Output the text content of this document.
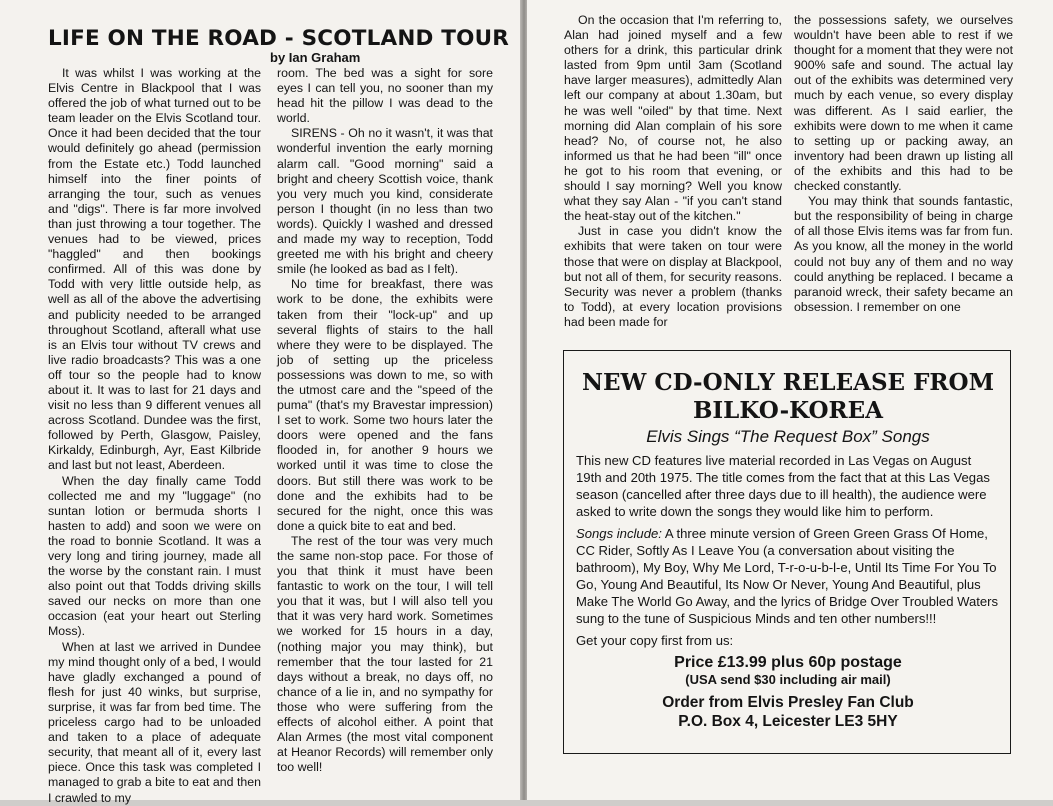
LIFE ON THE ROAD - SCOTLAND TOUR
by Ian Graham

It was whilst I was working at the Elvis Centre in Blackpool that I was offered the job of what turned out to be team leader on the Elvis Scotland tour. Once it had been decided that the tour would definitely go ahead (permission from the Estate etc.) Todd launched himself into the finer points of arranging the tour, such as venues and "digs". There is far more involved than just throwing a tour together. The venues had to be viewed, prices "haggled" and then bookings confirmed. All of this was done by Todd with very little outside help, as well as all of the above the advertising and publicity needed to be arranged throughout Scotland, afterall what use is an Elvis tour without TV crews and live radio broadcasts? This was a one off tour so the people had to know about it. It was to last for 21 days and visit no less than 9 different venues all across Scotland. Dundee was the first, followed by Perth, Glasgow, Paisley, Kirkaldy, Edinburgh, Ayr, East Kilbride and last but not least, Aberdeen.

When the day finally came Todd collected me and my "luggage" (no suntan lotion or bermuda shorts I hasten to add) and soon we were on the road to bonnie Scotland. It was a very long and tiring journey, made all the worse by the constant rain. I must also point out that Todds driving skills saved our necks on more than one occasion (eat your heart out Sterling Moss).

When at last we arrived in Dundee my mind thought only of a bed, I would have gladly exchanged a pound of flesh for just 40 winks, but surprise, surprise, it was far from bed time. The priceless cargo had to be unloaded and taken to a place of adequate security, that meant all of it, every last piece. Once this task was completed I managed to grab a bite to eat and then I crawled to my

room. The bed was a sight for sore eyes I can tell you, no sooner than my head hit the pillow I was dead to the world.

SIRENS - Oh no it wasn't, it was that wonderful invention the early morning alarm call. "Good morning" said a bright and cheery Scottish voice, thank you very much you kind, considerate person I thought (in no less than two words). Quickly I washed and dressed and made my way to reception, Todd greeted me with his bright and cheery smile (he looked as bad as I felt).

No time for breakfast, there was work to be done, the exhibits were taken from their "lock-up" and up several flights of stairs to the hall where they were to be displayed. The job of setting up the priceless possessions was down to me, so with the utmost care and the "speed of the puma" (that's my Bravestar impression) I set to work. Some two hours later the doors were opened and the fans flooded in, for another 9 hours we worked until it was time to close the doors. But still there was work to be done and the exhibits had to be secured for the night, once this was done a quick bite to eat and bed.

The rest of the tour was very much the same non-stop pace. For those of you that think it must have been fantastic to work on the tour, I will tell you that it was, but I will also tell you that it was very hard work. Sometimes we worked for 15 hours in a day, (nothing major you may think), but remember that the tour lasted for 21 days without a break, no days off, no chance of a lie in, and no sympathy for those who were suffering from the effects of alcohol either. A point that Alan Armes (the most vital component at Heanor Records) will remember only too well!

On the occasion that I'm referring to, Alan had joined myself and a few others for a drink, this particular drink lasted from 9pm until 3am (Scotland have larger measures), admittedly Alan left our company at about 1.30am, but he was well "oiled" by that time. Next morning did Alan complain of his sore head? No, of course not, he also informed us that he had been "ill" once he got to his room that evening, or should I say morning? Well you know what they say Alan - "if you can't stand the heat-stay out of the kitchen."

Just in case you didn't know the exhibits that were taken on tour were those that were on display at Blackpool, but not all of them, for security reasons. Security was never a problem (thanks to Todd), at every location provisions had been made for

the possessions safety, we ourselves wouldn't have been able to rest if we thought for a moment that they were not 900% safe and sound. The actual lay out of the exhibits was determined very much by each venue, so every display was different. As I said earlier, the exhibits were down to me when it came to setting up or packing away, an inventory had been drawn up listing all of the exhibits and this had to be checked constantly.

You may think that sounds fantastic, but the responsibility of being in charge of all those Elvis items was far from fun. As you know, all the money in the world could not buy any of them and no way could anything be replaced. I became a paranoid wreck, their safety became an obsession. I remember on one

NEW CD-ONLY RELEASE FROM
BILKO-KOREA
Elvis Sings “The Request Box” Songs

This new CD features live material recorded in Las Vegas on August 19th and 20th 1975. The title comes from the fact that at this Las Vegas season (cancelled after three days due to ill health), the audience were asked to write down the songs they would like him to perform.

Songs include: A three minute version of Green Green Grass Of Home, CC Rider, Softly As I Leave You (a conversation about visiting the bathroom), My Boy, Why Me Lord, T-r-o-u-b-l-e, Until Its Time For You To Go, Young And Beautiful, Its Now Or Never, Young And Beautiful, plus Make The World Go Away, and the lyrics of Bridge Over Troubled Waters sung to the tune of Suspicious Minds and ten other numbers!!!

Get your copy first from us:

Price £13.99 plus 60p postage
(USA send $30 including air mail)
Order from Elvis Presley Fan Club
P.O. Box 4, Leicester LE3 5HY
